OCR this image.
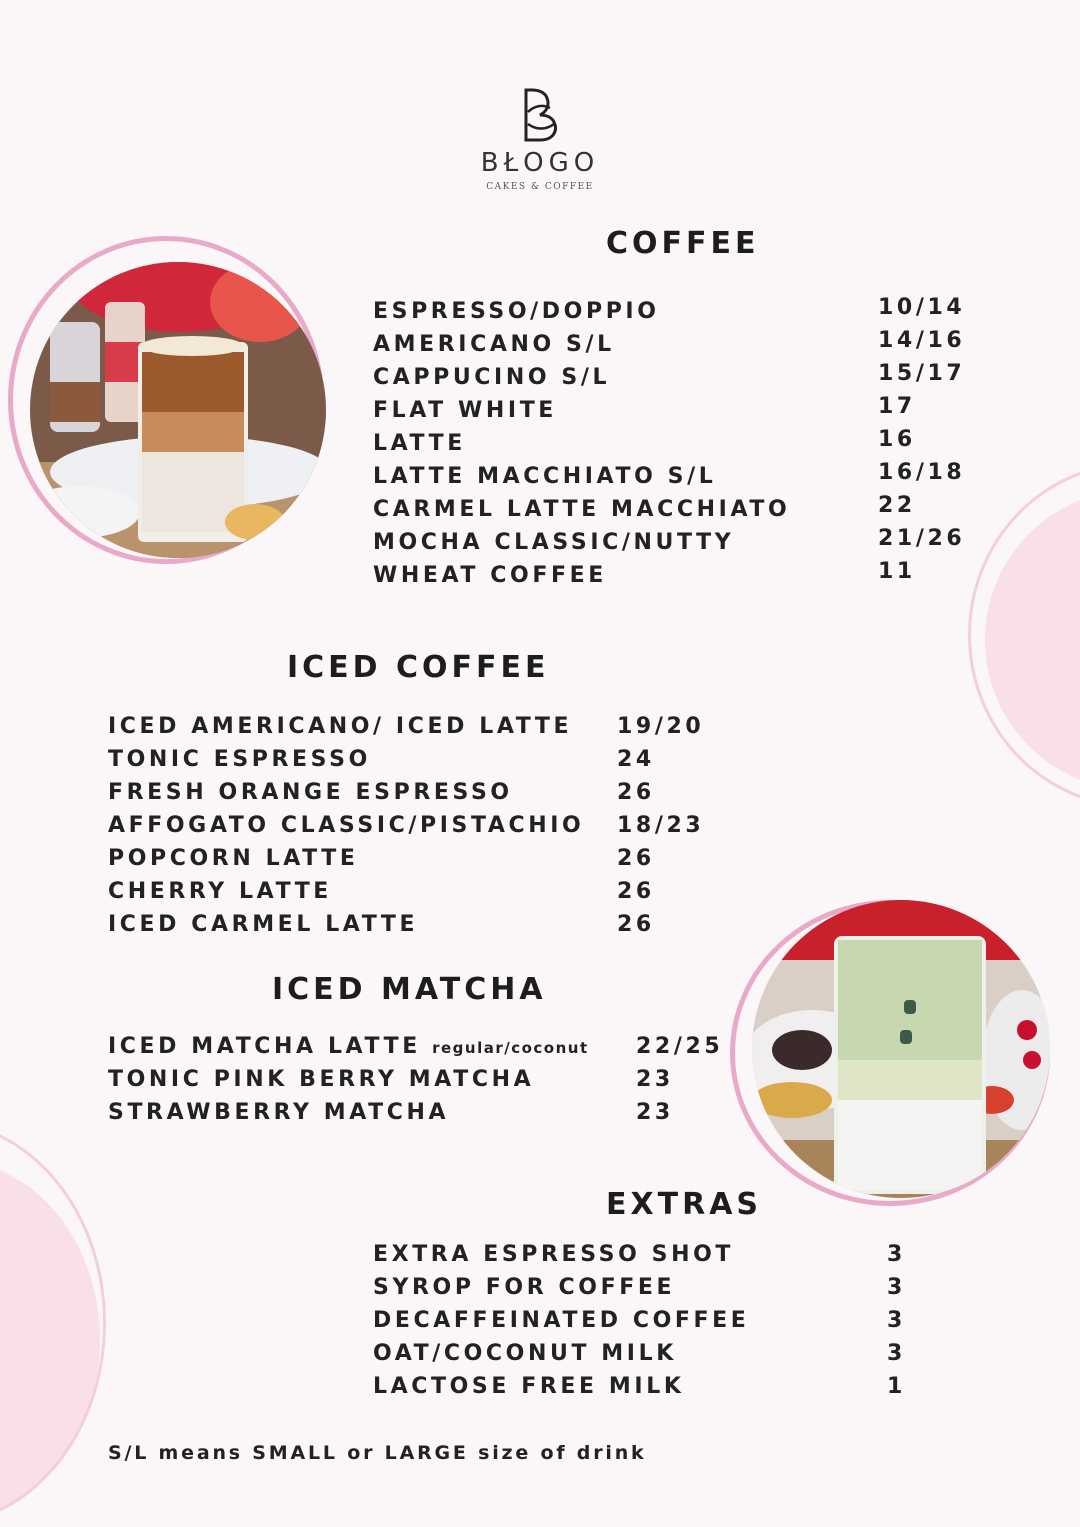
BŁOGO
CAKES & COFFEE
COFFEE
ESPRESSO/DOPPIO	10/14
AMERICANO S/L	14/16
CAPPUCINO S/L	15/17
FLAT WHITE	17
LATTE	16
LATTE MACCHIATO S/L	16/18
CARMEL LATTE MACCHIATO	22
MOCHA CLASSIC/NUTTY	21/26
WHEAT COFFEE	11
ICED COFFEE
ICED AMERICANO/ ICED LATTE 19/20
TONIC ESPRESSO	24
FRESH ORANGE ESPRESSO	26
AFFOGATO CLASSIC/PISTACHIO 18/23
POPCORN LATTE	26
CHERRY LATTE	26
ICED CARMEL LATTE	26
ICED MATCHA
ICED MATCHA LATTE regular/coconut 22/25
TONIC PINK BERRY MATCHA	23
STRAWBERRY MATCHA	23
EXTRAS
EXTRA ESPRESSO SHOT	3
SYROP FOR COFFEE	3
DECAFFEINATED COFFEE	3
OAT/COCONUT MILK	3
LACTOSE FREE MILK	1

S/L means SMALL or LARGE size of drink
